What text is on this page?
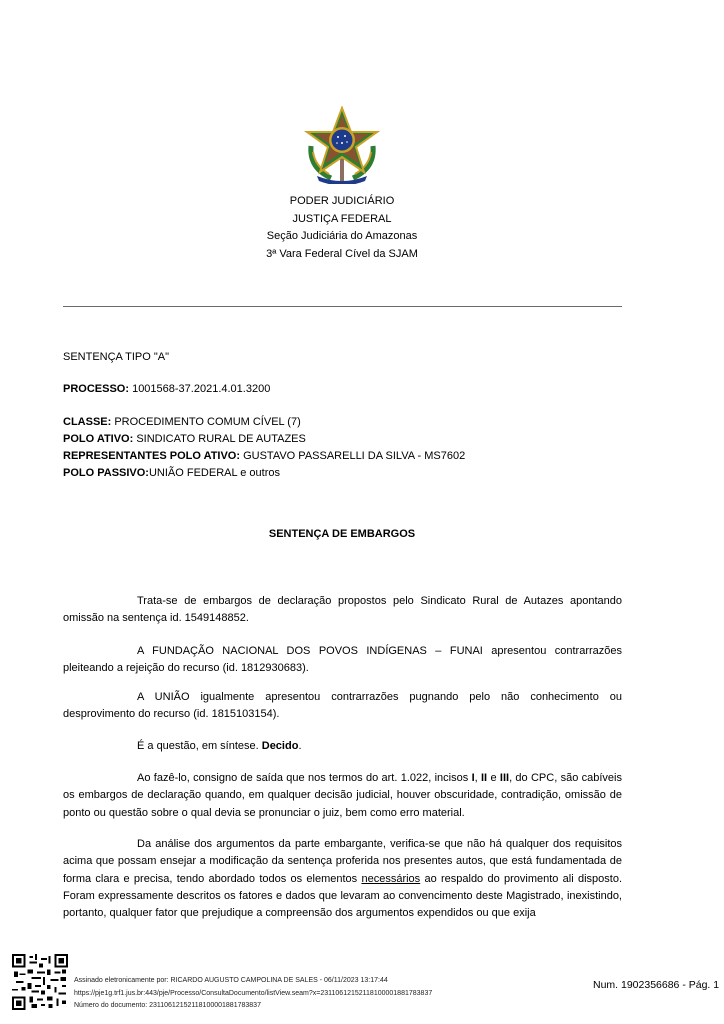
PODER JUDICIÁRIO
JUSTIÇA FEDERAL
Seção Judiciária do Amazonas
3ª Vara Federal Cível da SJAM
SENTENÇA TIPO "A"
PROCESSO: 1001568-37.2021.4.01.3200
CLASSE: PROCEDIMENTO COMUM CÍVEL (7)
POLO ATIVO: SINDICATO RURAL DE AUTAZES
REPRESENTANTES POLO ATIVO: GUSTAVO PASSARELLI DA SILVA - MS7602
POLO PASSIVO:UNIÃO FEDERAL e outros
SENTENÇA DE EMBARGOS
Trata-se de embargos de declaração propostos pelo Sindicato Rural de Autazes apontando omissão na sentença id. 1549148852.
A FUNDAÇÃO NACIONAL DOS POVOS INDÍGENAS – FUNAI apresentou contrarrazões pleiteando a rejeição do recurso (id. 1812930683).
A UNIÃO igualmente apresentou contrarrazões pugnando pelo não conhecimento ou desprovimento do recurso (id. 1815103154).
É a questão, em síntese. Decido.
Ao fazê-lo, consigno de saída que nos termos do art. 1.022, incisos I, II e III, do CPC, são cabíveis os embargos de declaração quando, em qualquer decisão judicial, houver obscuridade, contradição, omissão de ponto ou questão sobre o qual devia se pronunciar o juiz, bem como erro material.
Da análise dos argumentos da parte embargante, verifica-se que não há qualquer dos requisitos acima que possam ensejar a modificação da sentença proferida nos presentes autos, que está fundamentada de forma clara e precisa, tendo abordado todos os elementos necessários ao respaldo do provimento ali disposto. Foram expressamente descritos os fatores e dados que levaram ao convencimento deste Magistrado, inexistindo, portanto, qualquer fator que prejudique a compreensão dos argumentos expendidos ou que exija
Assinado eletronicamente por: RICARDO AUGUSTO CAMPOLINA DE SALES - 06/11/2023 13:17:44
https://pje1g.trf1.jus.br:443/pje/Processo/ConsultaDocumento/listView.seam?x=23110612152118100001881783837
Número do documento: 23110612152118100001881783837
Num. 1902356686 - Pág. 1
